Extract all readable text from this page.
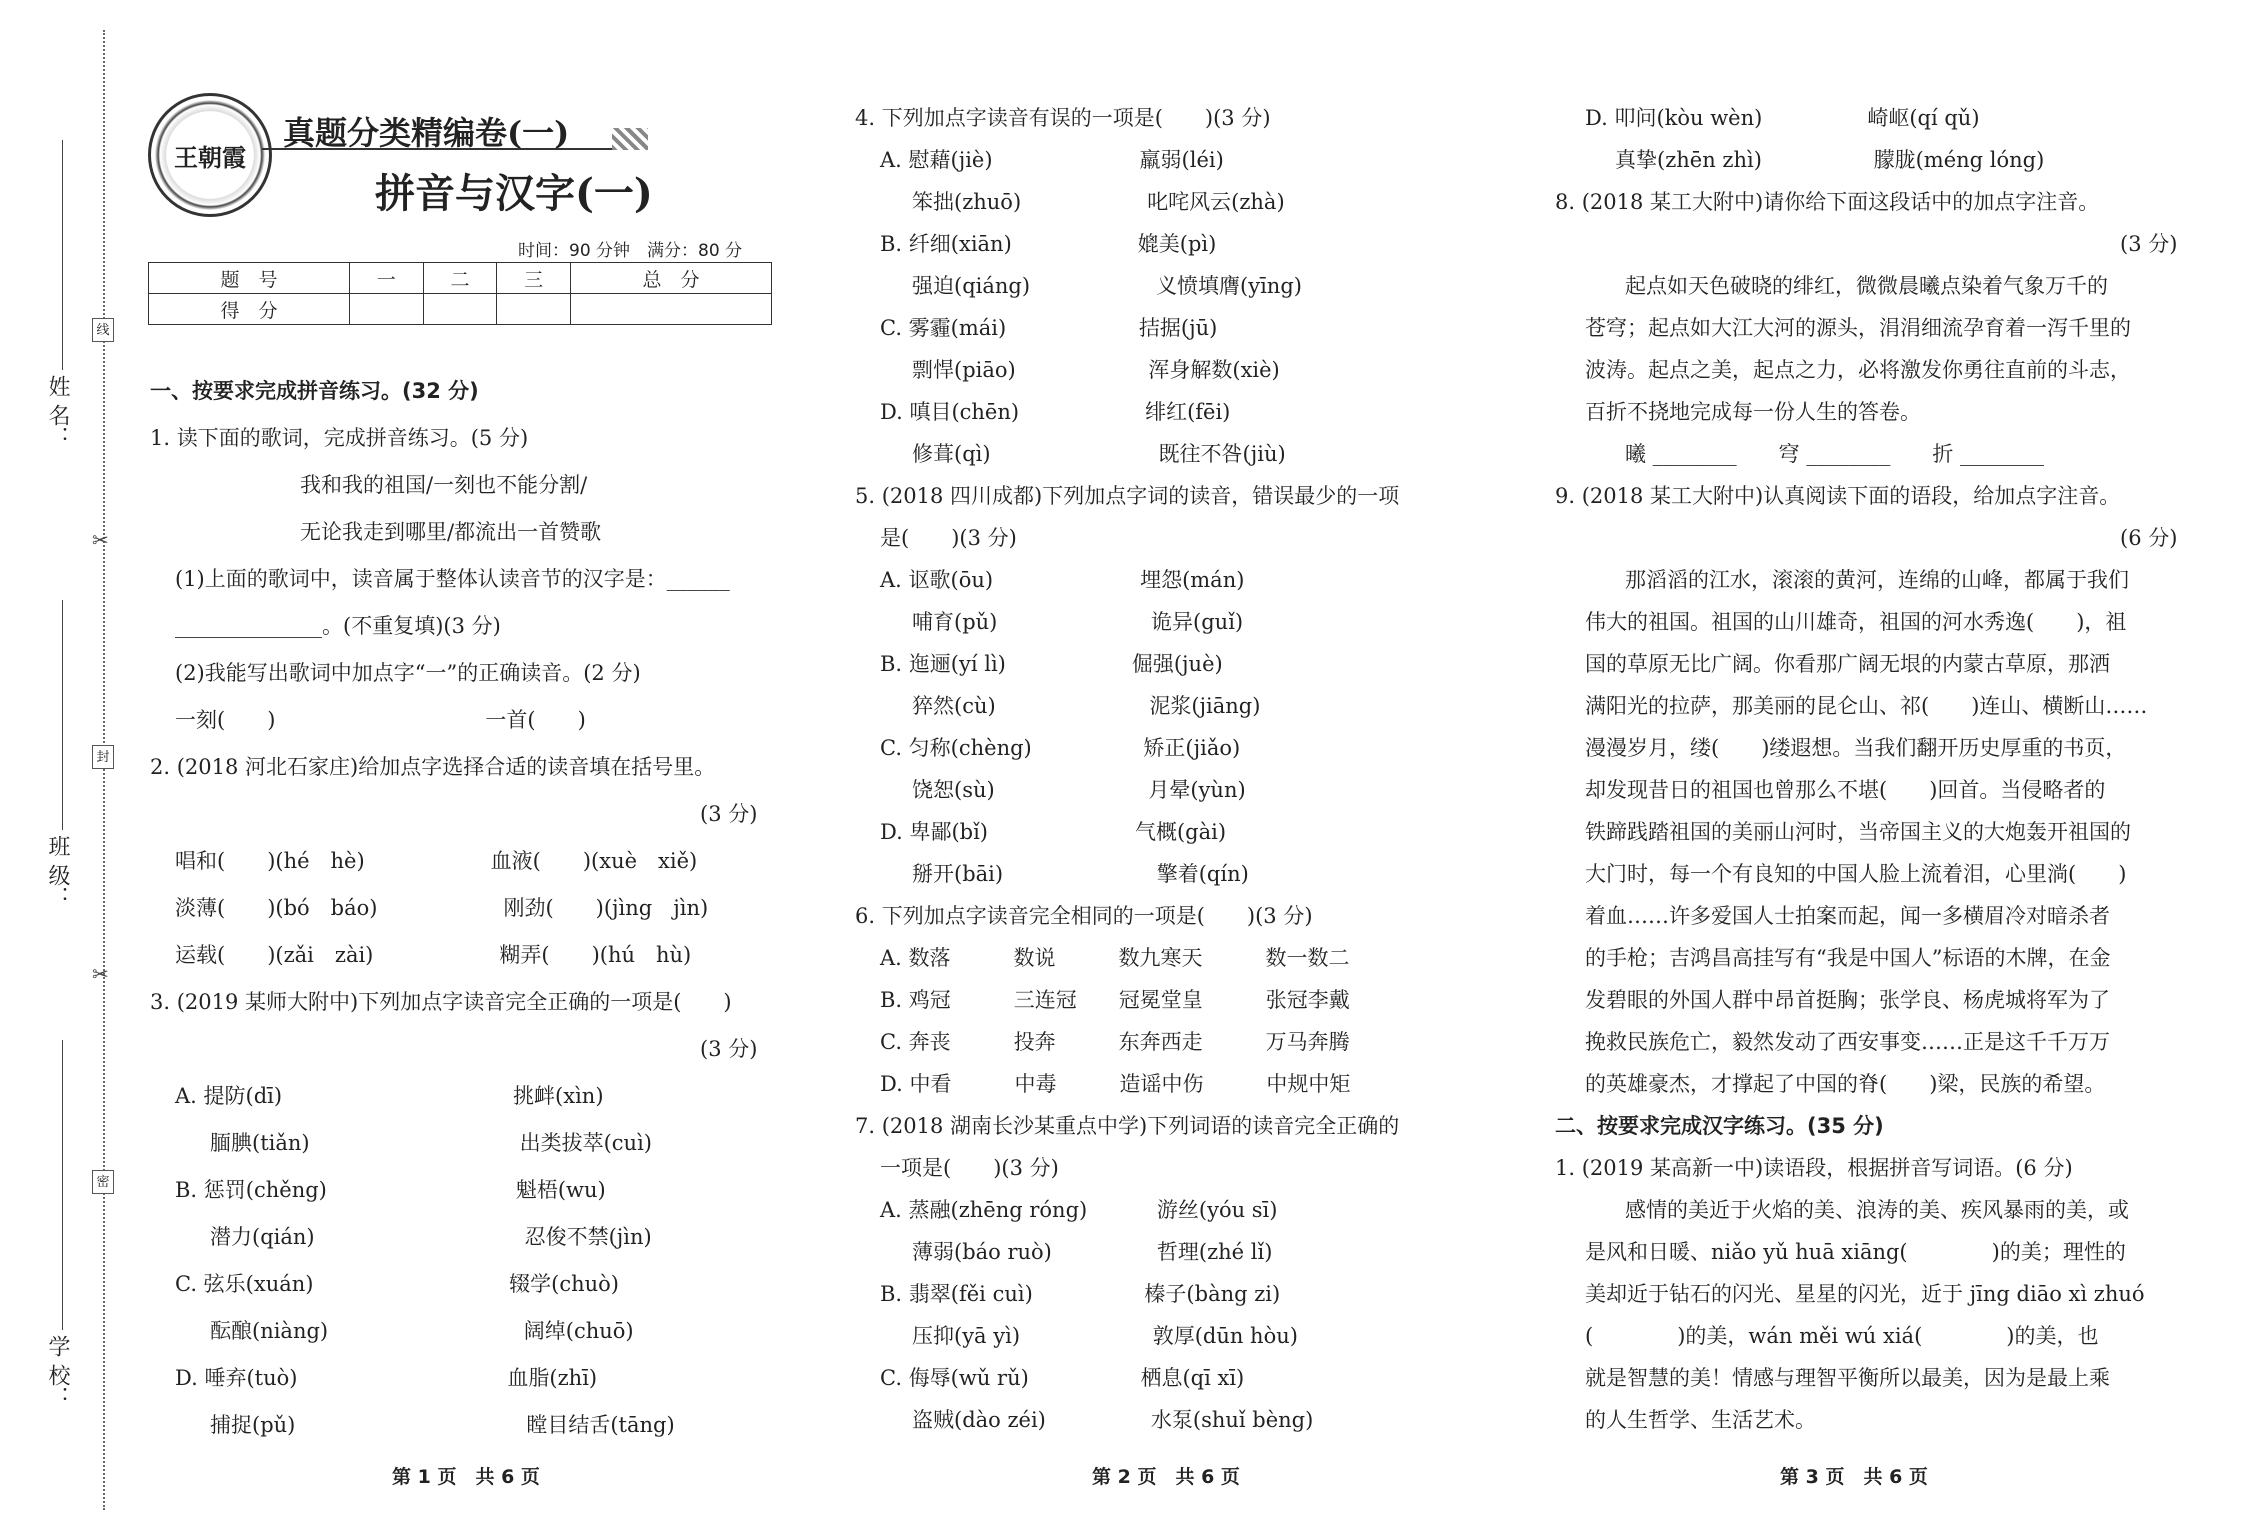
姓 名：
班 级：
学 校：
线
封
密
✂
✂
王朝霞
真题分类精编卷(一)
拼音与汉字(一)
时间：90 分钟　满分：80 分
题　号	一	二	三	总　分
得　分				
一、按要求完成拼音练习。(32 分)
1. 读下面的歌词，完成拼音练习。(5 分)
我和我的祖国/一刻也不能分割/
无论我走到哪里/都流出一首赞歌
(1)上面的歌词中，读音属于整体认读音节的汉字是：______
______________。(不重复填)(3 分)
(2)我能写出歌词中加点字“一”的正确读音。(2 分)
一刻(　　)　　　　　　　　　　一首(　　)
2. (2018 河北石家庄)给加点字选择合适的读音填在括号里。
(3 分)
唱和(　　)(hé　hè)　　　　　　血液(　　)(xuè　xiě)
淡薄(　　)(bó　báo)　　　　　　刚劲(　　)(jìng　jìn)
运载(　　)(zǎi　zài)　　　　　　糊弄(　　)(hú　hù)
3. (2019 某师大附中)下列加点字读音完全正确的一项是(　　)
(3 分)
A. 提防(dī)　　　　　　　　　　　挑衅(xìn)
腼腆(tiǎn)　　　　　　　　　　出类拔萃(cuì)
B. 惩罚(chěng)　　　　　　　　　魁梧(wu)
潜力(qián)　　　　　　　　　　忍俊不禁(jìn)
C. 弦乐(xuán)　　　　　　　　　 辍学(chuò)
酝酿(niàng)　　　　　　　　　 阔绰(chuō)
D. 唾弃(tuò)　　　　　　　　　　血脂(zhī)
捕捉(pǔ)　　　　　　　　　　　瞠目结舌(tāng)
4. 下列加点字读音有误的一项是(　　)(3 分)
A. 慰藉(jiè)　　　　　　　羸弱(léi)
笨拙(zhuō)　　　　　　叱咤风云(zhà)
B. 纤细(xiān)　　　　　　媲美(pì)
强迫(qiáng)　　　　　　义愤填膺(yīng)
C. 雾霾(mái)　　　　　　 拮据(jū)
剽悍(piāo)　　　　　　 浑身解数(xiè)
D. 嗔目(chēn)　　　　　　绯红(fēi)
修葺(qì)　　　　　　　　既往不咎(jiù)
5. (2018 四川成都)下列加点字词的读音，错误最少的一项
是(　　)(3 分)
A. 讴歌(ōu)　　　　　　　埋怨(mán)
哺育(pǔ)　　　　　　　 诡异(guǐ)
B. 迤逦(yí lì)　　　　　　倔强(juè)
猝然(cù)　　　　　　　 泥浆(jiāng)
C. 匀称(chèng)　　　　　 矫正(jiǎo)
饶恕(sù)　　　　　　　 月晕(yùn)
D. 卑鄙(bǐ)　　　　　　　气概(gài)
掰开(bāi)　　　　　　　 擎着(qín)
6. 下列加点字读音完全相同的一项是(　　)(3 分)
A. 数落　　　数说　　　数九寒天　　　数一数二
B. 鸡冠　　　三连冠　　冠冕堂皇　　　张冠李戴
C. 奔丧　　　投奔　　　东奔西走　　　万马奔腾
D. 中看　　　中毒　　　造谣中伤　　　中规中矩
7. (2018 湖南长沙某重点中学)下列词语的读音完全正确的
一项是(　　)(3 分)
A. 蒸融(zhēng róng)　　　 游丝(yóu sī)
薄弱(báo ruò)　　　　　哲理(zhé lǐ)
B. 翡翠(fěi cuì)　　　　　 榛子(bàng zi)
压抑(yā yì)　　　　　　 敦厚(dūn hòu)
C. 侮辱(wǔ rǔ)　　　　　 栖息(qī xī)
盗贼(dào zéi)　　　　　水泵(shuǐ bèng)
D. 叩问(kòu wèn)　　　　　崎岖(qí qǔ)
真挚(zhēn zhì)　　　　　 朦胧(méng lóng)
8. (2018 某工大附中)请你给下面这段话中的加点字注音。
(3 分)
起点如天色破晓的绯红，微微晨曦点染着气象万千的
苍穹；起点如大江大河的源头，涓涓细流孕育着一泻千里的
波涛。起点之美，起点之力，必将激发你勇往直前的斗志，
百折不挠地完成每一份人生的答卷。
曦 ________　　穹 ________　　折 ________
9. (2018 某工大附中)认真阅读下面的语段，给加点字注音。
(6 分)
那滔滔的江水，滚滚的黄河，连绵的山峰，都属于我们
伟大的祖国。祖国的山川雄奇，祖国的河水秀逸(　　)，祖
国的草原无比广阔。你看那广阔无垠的内蒙古草原，那洒
满阳光的拉萨，那美丽的昆仑山、祁(　　)连山、横断山……
漫漫岁月，缕(　　)缕遐想。当我们翻开历史厚重的书页，
却发现昔日的祖国也曾那么不堪(　　)回首。当侵略者的
铁蹄践踏祖国的美丽山河时，当帝国主义的大炮轰开祖国的
大门时，每一个有良知的中国人脸上流着泪，心里淌(　　)
着血……许多爱国人士拍案而起，闻一多横眉冷对暗杀者
的手枪；吉鸿昌高挂写有“我是中国人”标语的木牌，在金
发碧眼的外国人群中昂首挺胸；张学良、杨虎城将军为了
挽救民族危亡，毅然发动了西安事变……正是这千千万万
的英雄豪杰，才撑起了中国的脊(　　)梁，民族的希望。
二、按要求完成汉字练习。(35 分)
1. (2019 某高新一中)读语段，根据拼音写词语。(6 分)
感情的美近于火焰的美、浪涛的美、疾风暴雨的美，或
是风和日暖、niǎo yǔ huā xiāng(　　　　)的美；理性的
美却近于钻石的闪光、星星的闪光，近于 jīng diāo xì zhuó
(　　　　)的美，wán měi wú xiá(　　　　)的美，也
就是智慧的美！情感与理智平衡所以最美，因为是最上乘
的人生哲学、生活艺术。
第 1 页　共 6 页	第 2 页　共 6 页	第 3 页　共 6 页
